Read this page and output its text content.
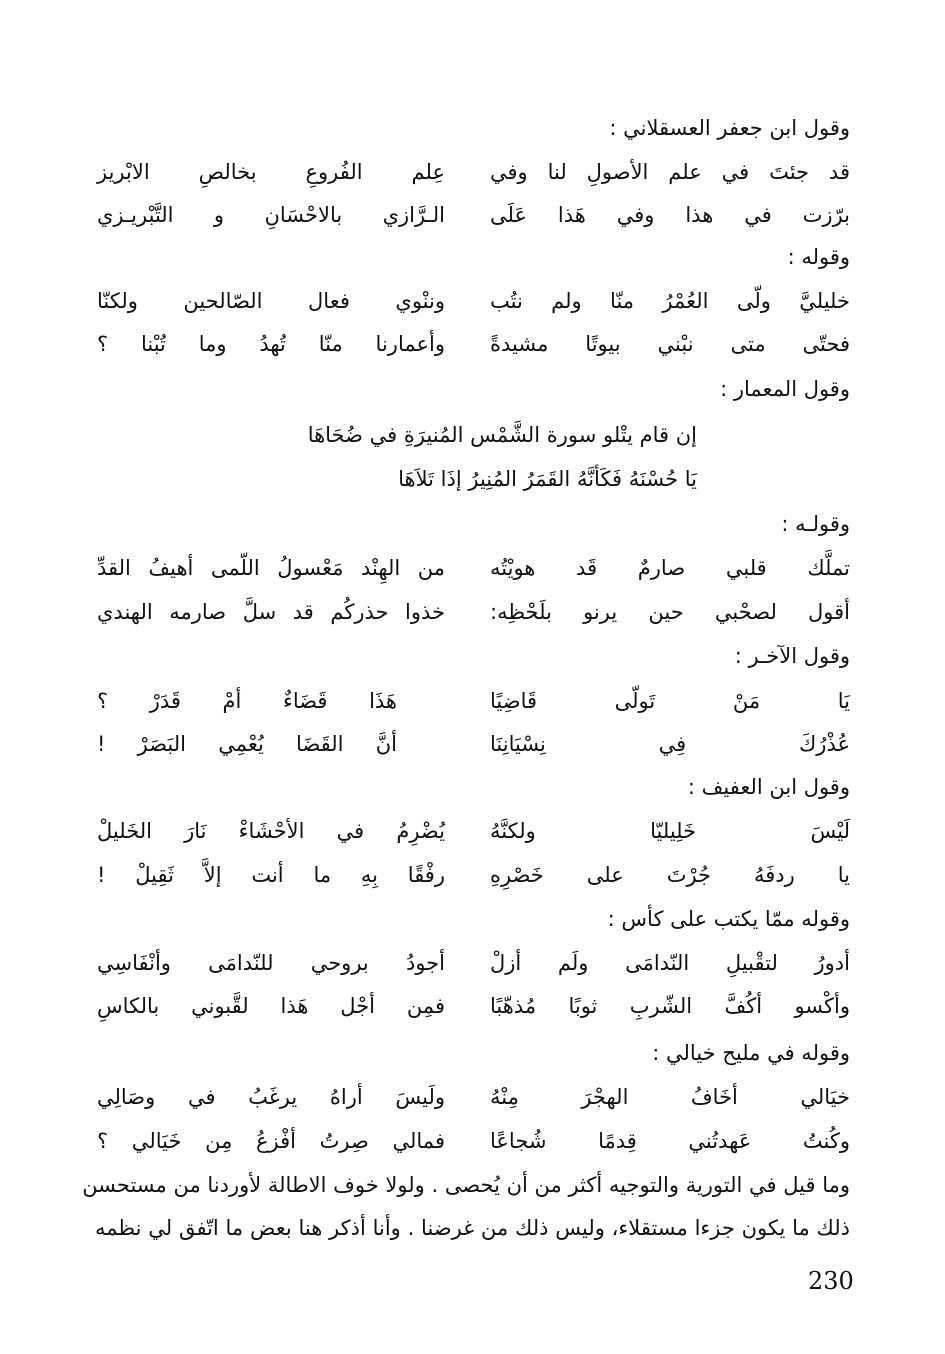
وقول ابن جعفر العسقلاني :
قد جئتَ في علم الأصولِ لنا وفي
عِلم الفُروعِ بخالصِ الابْريز
برّزت في هذا وفي هَذا عَلَى
الـرَّازي بالاحْسَانِ و التَّبْريـزي
وقوله :
خليليَّ ولّى العُمْرُ منّا ولم نتُب
وننْوي فعال الصّالحين ولكنّا
فحتّى متى نبْني بيوتًا مشيدةً
وأعمارنا منّا تُهدُ وما تُبْنا ؟
وقول المعمار :
إن قام يتْلو سورة الشَّمْس المُنيرَةِ في ضُحَاهَا
يَا حُسْنَهُ فَكَأنَّهُ القَمَرُ المُنِيرُ إذَا تَلاَهَا
وقولـه :
تملَّك قلبي صارمٌ قَد هويْتُه
من الهِنْد مَعْسولُ اللّمى أهيفُ القدِّ
أقول لصحْبي حين يرنو بلَحْظِه:
خذوا حذركُم قد سلَّ صارمه الهندي
وقول الآخـر :
يَا مَنْ تَولّى قَاضِيًا
هَذَا قَضَاءٌ أمْ قَدَرْ ؟
عُذْرُكَ فِي نِسْيَانِنَا
أنَّ القَضَا يُعْمِي البَصَرْ !
وقول ابن العفيف :
لَيْسَ خَلِيليّا ولكنَّهُ
يُضْرِمُ في الأحْشَاءْ نَارَ الخَليلْ
يا ردفَهُ جُرْتَ على خَصْرِهِ
رفْقًا بِهِ ما أنت إلاَّ ثَقِيلْ !
وقوله ممّا يكتب على كأس :
أدورُ لتقْبيلِ النّدامَى ولَم أزلْ
أجودُ بروحي للنّدامَى وأنْفَاسِي
وأكْسو أكُفَّ الشّربِ ثوبًا مُذهّبًا
فمِن أجْل هَذا لقَّبوني بالكاسِ
وقوله في مليح خيالي :
خيَالي أخَافُ الهجْرَ مِنْهُ
ولَيسَ أراهُ يرغَبُ في وصَالِي
وكُنتُ عَهدتُني قِدمًا شُجاعًا
فمالي صِرتُ أفْزعُ مِن خَيَالي ؟
وما قيل في التورية والتوجيه أكثر من أن يُحصى . ولولا خوف الاطالة لأوردنا من مستحسن
ذلك ما يكون جزءا مستقلاء، وليس ذلك من غرضنا . وأنا أذكر هنا بعض ما اتّفق لي نظمه
230
